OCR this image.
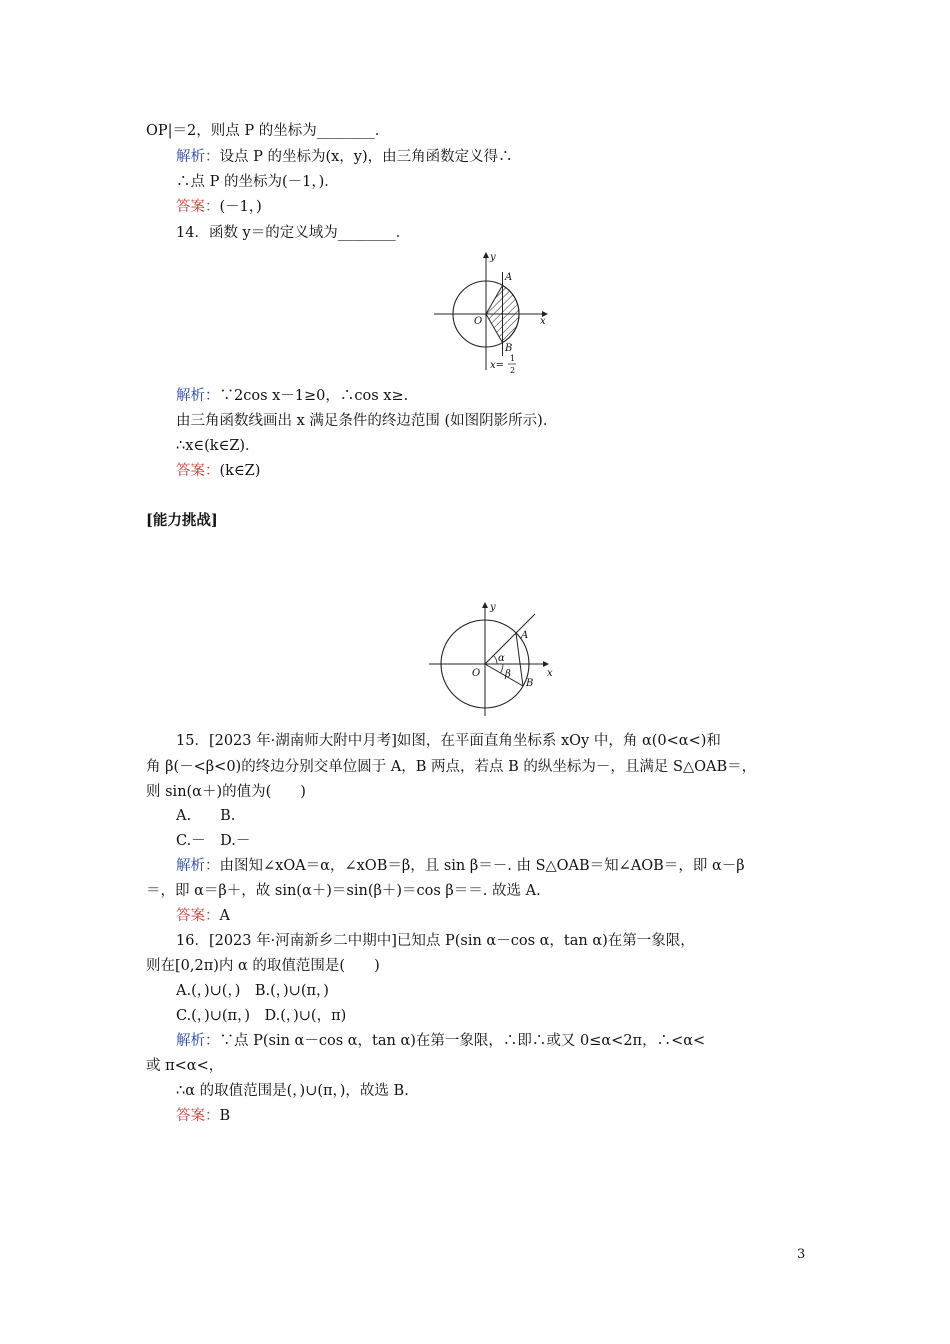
OP|＝2，则点 P 的坐标为________．
解析：设点 P 的坐标为(x，y)，由三角函数定义得∴
∴点 P 的坐标为(－1，)．
答案：(－1，)
14．函数 y＝的定义域为________．
y
x
A
B
O
x=
1
2
解析：∵2cos x－1≥0，∴cos x≥.
由三角函数线画出 x 满足条件的终边范围 (如图阴影所示)．
∴x∈(k∈Z)．
答案：(k∈Z)
[能力挑战]
y
x
A
B
O
α
β
15．[2023 年·湖南师大附中月考]如图，在平面直角坐标系 xOy 中，角 α(0<α<)和
角 β(－<β<0)的终边分别交单位圆于 A，B 两点，若点 B 的纵坐标为－，且满足 S△OAB＝，
则 sin(α＋)的值为(　　)
A.　　B.
C.－　D.－
解析：由图知∠xOA＝α，∠xOB＝β，且 sin β＝－. 由 S△OAB＝知∠AOB＝，即 α－β
＝，即 α＝β＋，故 sin(α＋)＝sin(β＋)＝cos β＝＝. 故选 A.
答案：A
16．[2023 年·河南新乡二中期中]已知点 P(sin α－cos α，tan α)在第一象限，
则在[0,2π)内 α 的取值范围是(　　)
A.(，)∪(，)　B.(，)∪(π，)
C.(，)∪(π，)　D.(，)∪(，π)
解析：∵点 P(sin α－cos α，tan α)在第一象限，∴即∴或又 0≤α<2π，∴<α<
或 π<α<，
∴α 的取值范围是(，)∪(π，)，故选 B.
答案：B
3
